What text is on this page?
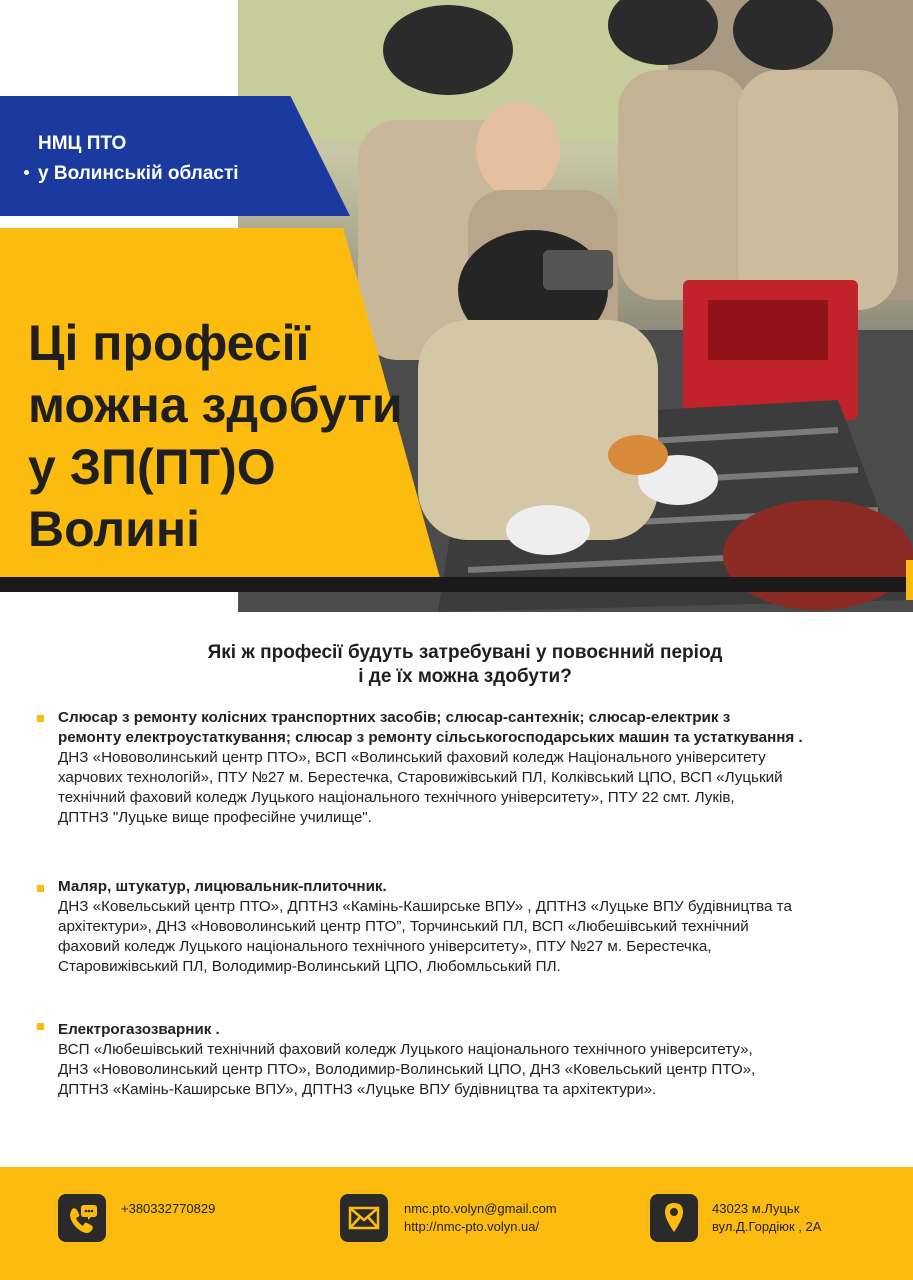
НМЦ ПТО
у Волинській області
Ці професії
можна здобути
у ЗП(ПТ)О
Волині
Які ж професії будуть затребувані у повоєнний період
і де їх можна здобути?
Слюсар з ремонту колісних транспортних засобів; слюсар-сантехнік; слюсар-електрик з
ремонту електроустаткування; слюсар з ремонту сільськогосподарських машин та устаткування .
ДНЗ «Нововолинський центр ПТО», ВСП «Волинський фаховий коледж Національного університету
харчових технологій», ПТУ №27 м. Берестечка, Старовижівський ПЛ, Колківський ЦПО, ВСП «Луцький
технічний фаховий коледж Луцького національного технічного університету», ПТУ 22 смт. Луків,
ДПТНЗ "Луцьке вище професійне училище".
Маляр, штукатур, лицювальник-плиточник.
ДНЗ «Ковельський центр ПТО», ДПТНЗ «Камінь-Каширське ВПУ» , ДПТНЗ «Луцьке ВПУ будівництва та
архітектури», ДНЗ «Нововолинський центр ПТО”, Торчинський ПЛ, ВСП «Любешівський технічний
фаховий коледж Луцького національного технічного університету», ПТУ №27 м. Берестечка,
Старовижівський ПЛ, Володимир-Волинський ЦПО, Любомльський ПЛ.
Електрогазозварник .
ВСП «Любешівський технічний фаховий коледж Луцького національного технічного університету»,
ДНЗ «Нововолинський центр ПТО», Володимир-Волинський ЦПО, ДНЗ «Ковельський центр ПТО»,
ДПТНЗ «Камінь-Каширське ВПУ», ДПТНЗ «Луцьке ВПУ будівництва та архітектури».
+380332770829	nmc.pto.volyn@gmail.com
http://nmc-pto.volyn.ua/
43023 м.Луцьк
вул.Д.Гордіюк , 2А
